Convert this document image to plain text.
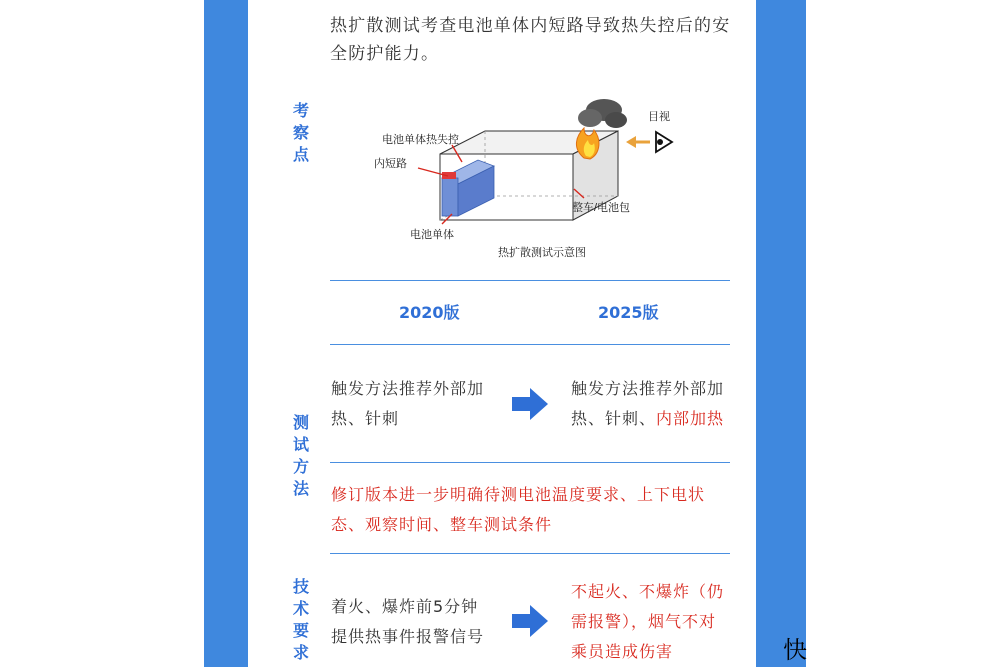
热扩散测试考查电池单体内短路导致热失控后的安全防护能力。
考
察
点
电池单体热失控
内短路
电池单体
整车/电池包
目视
热扩散测试示意图
2020版	2025版
测
试
方
法
触发方法推荐外部加
热、针刺
触发方法推荐外部加
热、针刺、内部加热
修订版本进一步明确待测电池温度要求、上下电状
态、观察时间、整车测试条件
技
术
要
求
着火、爆炸前5分钟
提供热事件报警信号
不起火、不爆炸（仍
需报警），烟气不对
乘员造成伤害	快
